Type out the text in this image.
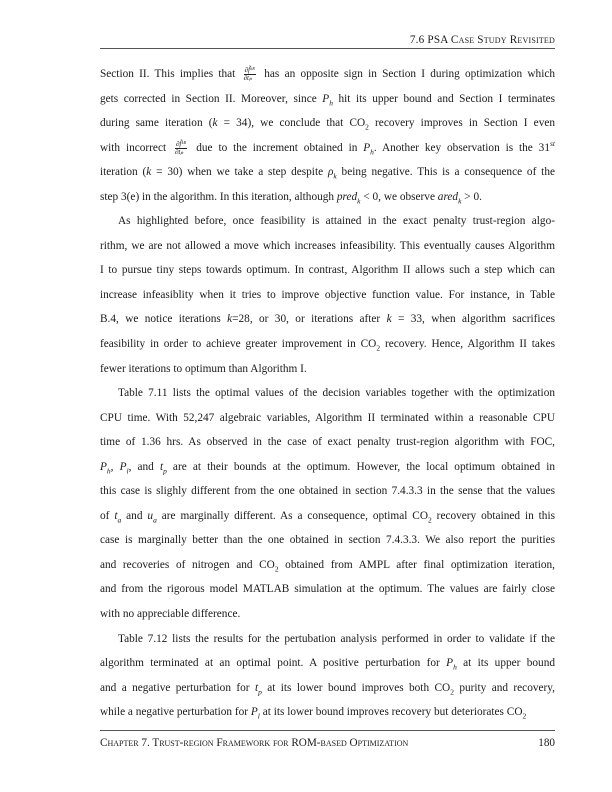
7.6 PSA Case Study Revisited

Section II. This implies that $\frac{\text{∂f̃ᵏᴿ}}{\text{∂tₚ}}$ has an opposite sign in Section I during optimization which
gets corrected in Section II. Moreover, since $P_h$ hit its upper bound and Section I terminates
during same iteration (k = 34), we conclude that $CO_2$ recovery improves in Section I even
with incorrect $\frac{\text{∂f̃ᵏᴿ}}{\text{∂tₚ}}$ due to the increment obtained in $P_h$. Another key observation is the 31st
iteration (k = 30) when we take a step despite $\rho_k$ being negative. This is a consequence of the
step 3(e) in the algorithm. In this iteration, although pred$_k$ < 0, we observe ared$_k$ > 0.

As highlighted before, once feasibility is attained in the exact penalty trust-region algo-
rithm, we are not allowed a move which increases infeasibility. This eventually causes Algorithm
I to pursue tiny steps towards optimum. In contrast, Algorithm II allows such a step which can
increase infeasiblity when it tries to improve objective function value. For instance, in Table
B.4, we notice iterations k=28, or 30, or iterations after k = 33, when algorithm sacrifices
feasibility in order to achieve greater improvement in $CO_2$ recovery. Hence, Algorithm II takes
fewer iterations to optimum than Algorithm I.

Table 7.11 lists the optimal values of the decision variables together with the optimization
CPU time. With 52,247 algebraic variables, Algorithm II terminated within a reasonable CPU
time of 1.36 hrs. As observed in the case of exact penalty trust-region algorithm with FOC,
$P_h$, $P_l$, and $t_p$ are at their bounds at the optimum. However, the local optimum obtained in
this case is slighly different from the one obtained in section 7.4.3.3 in the sense that the values
of $t_a$ and $u_a$ are marginally different. As a consequence, optimal $CO_2$ recovery obtained in this
case is marginally better than the one obtained in section 7.4.3.3. We also report the purities
and recoveries of nitrogen and $CO_2$ obtained from AMPL after final optimization iteration,
and from the rigorous model MATLAB simulation at the optimum. The values are fairly close
with no appreciable difference.

Table 7.12 lists the results for the pertubation analysis performed in order to validate if the
algorithm terminated at an optimal point. A positive perturbation for $P_h$ at its upper bound
and a negative perturbation for $t_p$ at its lower bound improves both $CO_2$ purity and recovery,
while a negative perturbation for $P_l$ at its lower bound improves recovery but deteriorates $CO_2$

Chapter 7. Trust-region Framework for ROM-based Optimization	180
